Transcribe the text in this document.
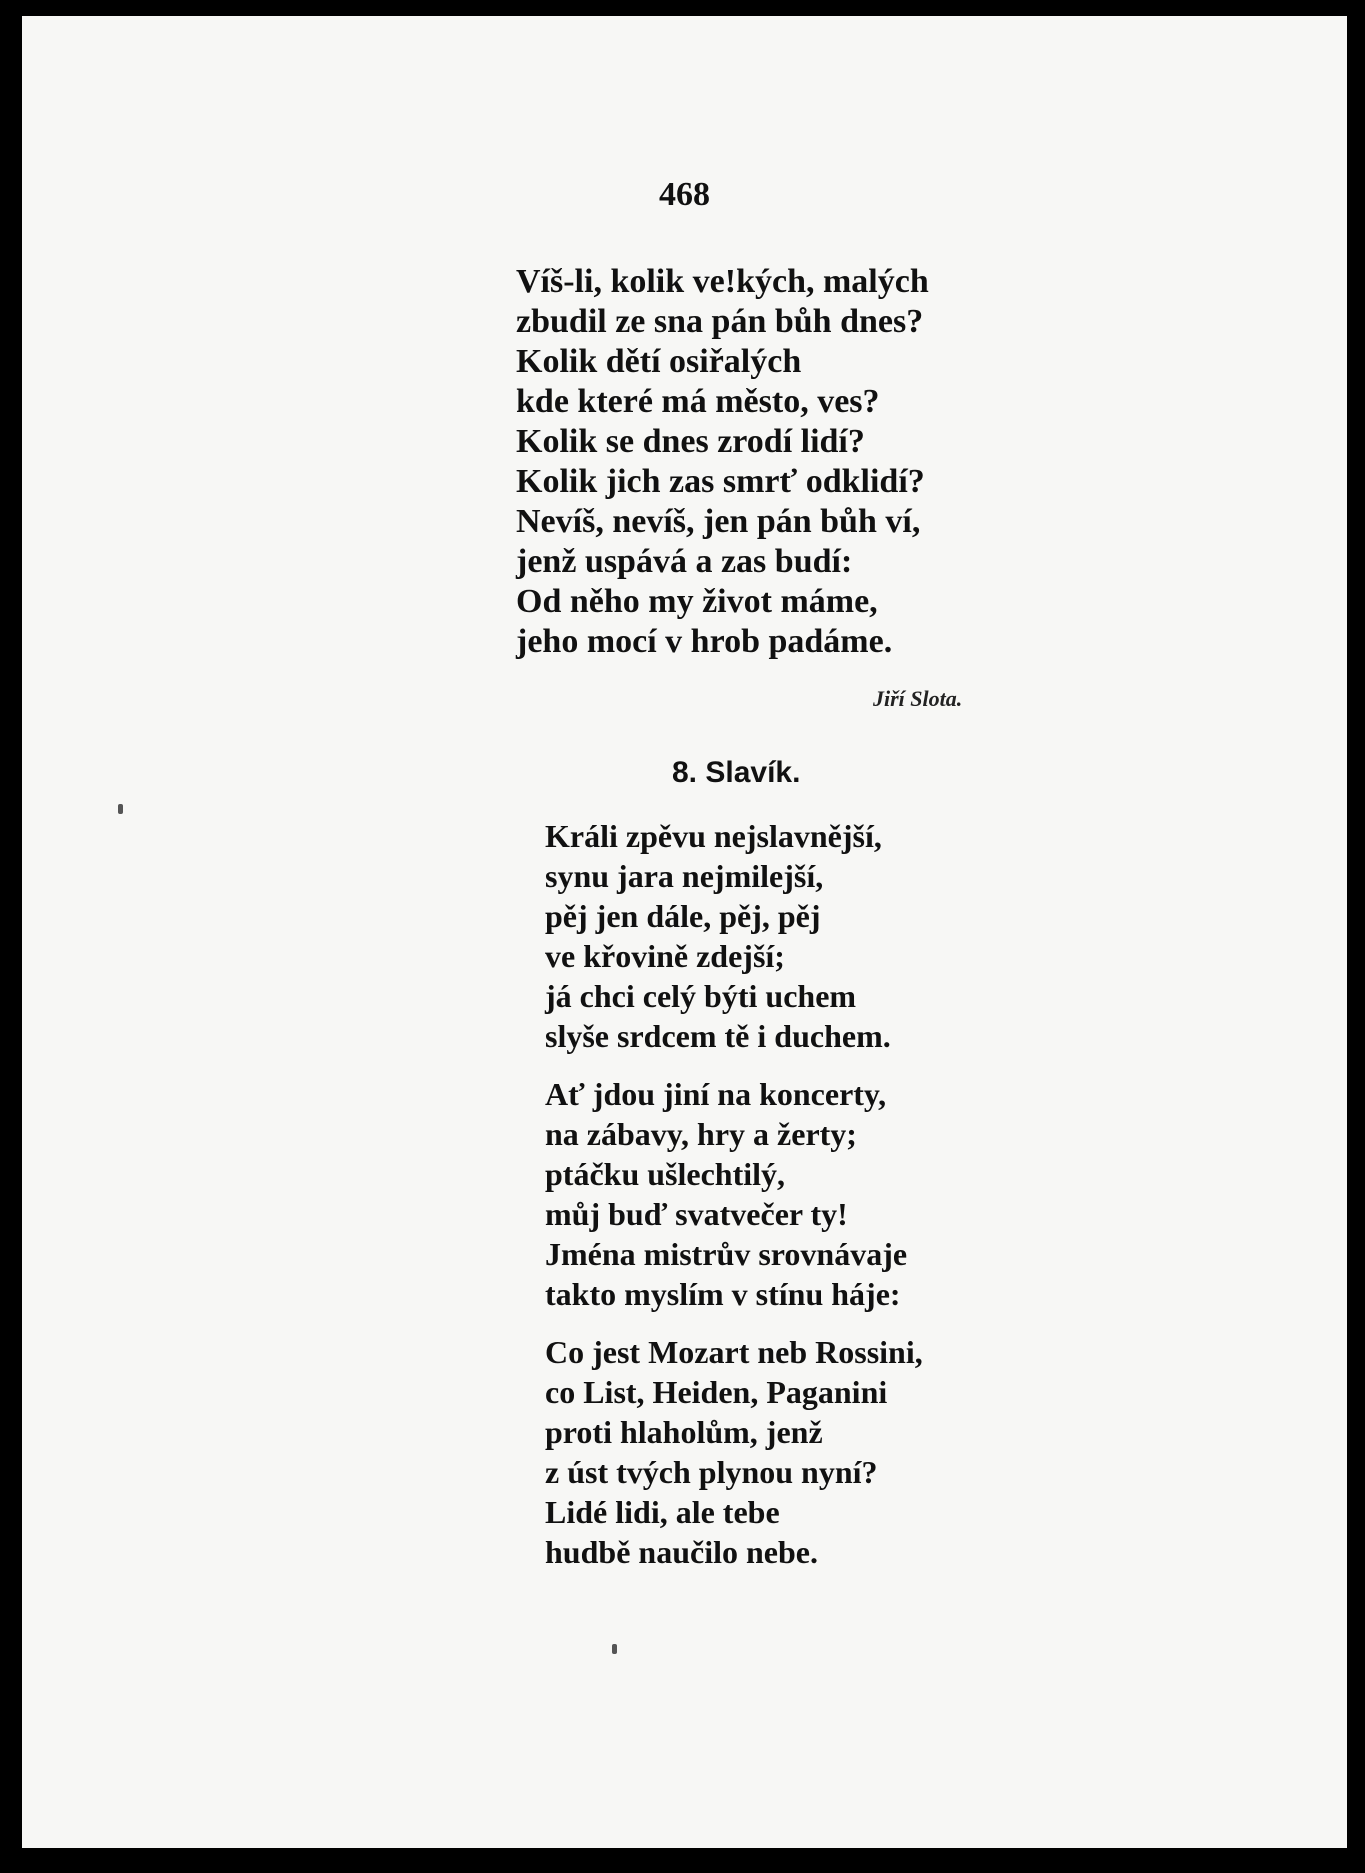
468
Víš-li, kolik ve!kých, malých
zbudil ze sna pán bůh dnes?
Kolik dětí osiřalých
kde které má město, ves?
Kolik se dnes zrodí lidí?
Kolik jich zas smrť odklidí?
Nevíš, nevíš, jen pán bůh ví,
jenž uspává a zas budí:
Od něho my život máme,
jeho mocí v hrob padáme.
Jiří Slota.
8. Slavík.
Králi zpěvu nejslavnější,
synu jara nejmilejší,
pěj jen dále, pěj, pěj
ve křovině zdejší;
já chci celý býti uchem
slyše srdcem tě i duchem.
Ať jdou jiní na koncerty,
na zábavy, hry a žerty;
ptáčku ušlechtilý,
můj buď svatvečer ty!
Jména mistrův srovnávaje
takto myslím v stínu háje:
Co jest Mozart neb Rossini,
co List, Heiden, Paganini
proti hlaholům, jenž
z úst tvých plynou nyní?
Lidé lidi, ale tebe
hudbě naučilo nebe.
